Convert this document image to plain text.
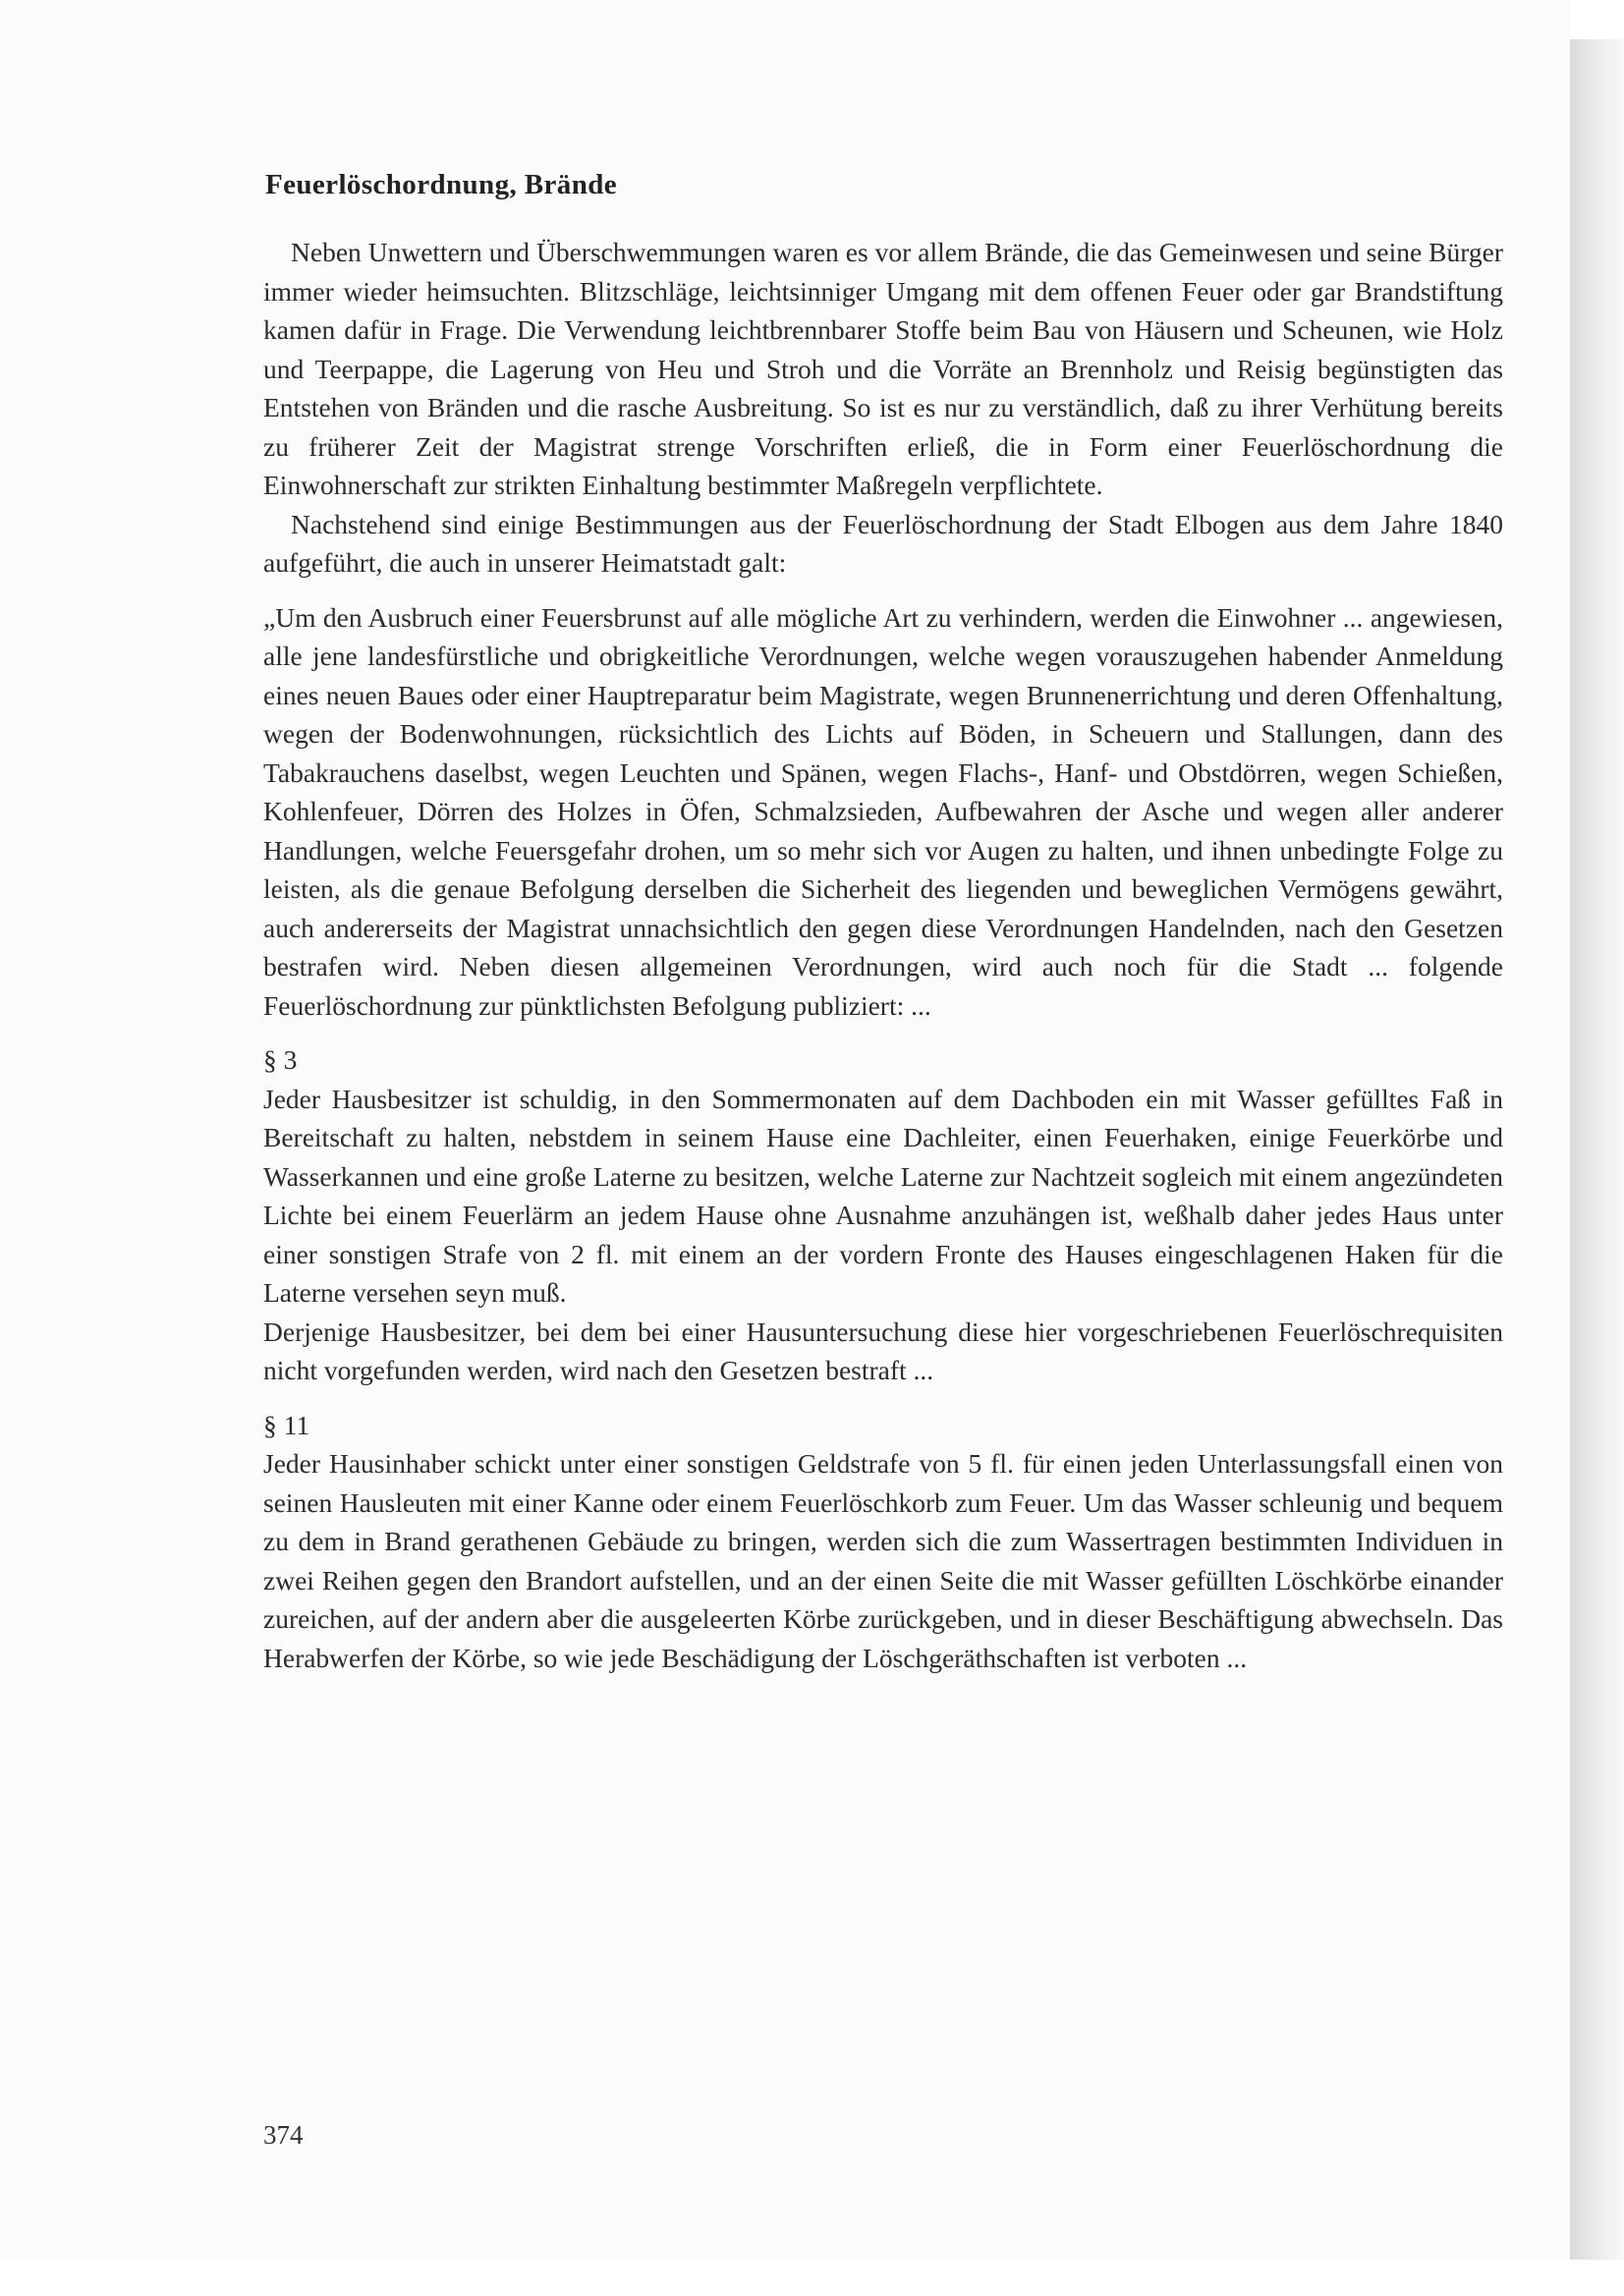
Feuerlöschordnung, Brände

Neben Unwettern und Überschwemmungen waren es vor allem Brände, die das Gemeinwesen und seine Bürger immer wieder heimsuchten. Blitzschläge, leichtsinniger Umgang mit dem offenen Feuer oder gar Brandstiftung kamen dafür in Frage. Die Verwendung leichtbrennbarer Stoffe beim Bau von Häusern und Scheunen, wie Holz und Teerpappe, die Lagerung von Heu und Stroh und die Vorräte an Brennholz und Reisig begünstigten das Entstehen von Bränden und die rasche Ausbreitung. So ist es nur zu verständlich, daß zu ihrer Verhütung bereits zu früherer Zeit der Magistrat strenge Vorschriften erließ, die in Form einer Feuerlöschordnung die Einwohnerschaft zur strikten Einhaltung bestimmter Maßregeln verpflichtete.

Nachstehend sind einige Bestimmungen aus der Feuerlöschordnung der Stadt Elbogen aus dem Jahre 1840 aufgeführt, die auch in unserer Heimatstadt galt:

„Um den Ausbruch einer Feuersbrunst auf alle mögliche Art zu verhindern, werden die Einwohner ... angewiesen, alle jene landesfürstliche und obrigkeitliche Verordnungen, welche wegen vorauszugehen habender Anmeldung eines neuen Baues oder einer Hauptreparatur beim Magistrate, wegen Brunnenerrichtung und deren Offenhaltung, wegen der Bodenwohnungen, rücksichtlich des Lichts auf Böden, in Scheuern und Stallungen, dann des Tabakrauchens daselbst, wegen Leuchten und Spänen, wegen Flachs-, Hanf- und Obstdörren, wegen Schießen, Kohlenfeuer, Dörren des Holzes in Öfen, Schmalzsieden, Aufbewahren der Asche und wegen aller anderer Handlungen, welche Feuersgefahr drohen, um so mehr sich vor Augen zu halten, und ihnen unbedingte Folge zu leisten, als die genaue Befolgung derselben die Sicherheit des liegenden und beweglichen Vermögens gewährt, auch andererseits der Magistrat unnachsichtlich den gegen diese Verordnungen Handelnden, nach den Gesetzen bestrafen wird. Neben diesen allgemeinen Verordnungen, wird auch noch für die Stadt ... folgende Feuerlöschordnung zur pünktlichsten Befolgung publiziert: ...

§ 3

Jeder Hausbesitzer ist schuldig, in den Sommermonaten auf dem Dachboden ein mit Wasser gefülltes Faß in Bereitschaft zu halten, nebstdem in seinem Hause eine Dachleiter, einen Feuerhaken, einige Feuerkörbe und Wasserkannen und eine große Laterne zu besitzen, welche Laterne zur Nachtzeit sogleich mit einem angezündeten Lichte bei einem Feuerlärm an jedem Hause ohne Ausnahme anzuhängen ist, weßhalb daher jedes Haus unter einer sonstigen Strafe von 2 fl. mit einem an der vordern Fronte des Hauses eingeschlagenen Haken für die Laterne versehen seyn muß.

Derjenige Hausbesitzer, bei dem bei einer Hausuntersuchung diese hier vorgeschriebenen Feuerlöschrequisiten nicht vorgefunden werden, wird nach den Gesetzen bestraft ...

§ 11

Jeder Hausinhaber schickt unter einer sonstigen Geldstrafe von 5 fl. für einen jeden Unterlassungsfall einen von seinen Hausleuten mit einer Kanne oder einem Feuerlöschkorb zum Feuer. Um das Wasser schleunig und bequem zu dem in Brand gerathenen Gebäude zu bringen, werden sich die zum Wassertragen bestimmten Individuen in zwei Reihen gegen den Brandort aufstellen, und an der einen Seite die mit Wasser gefüllten Löschkörbe einander zureichen, auf der andern aber die ausgeleerten Körbe zurückgeben, und in dieser Beschäftigung abwechseln. Das Herabwerfen der Körbe, so wie jede Beschädigung der Löschgeräthschaften ist verboten ...

374
